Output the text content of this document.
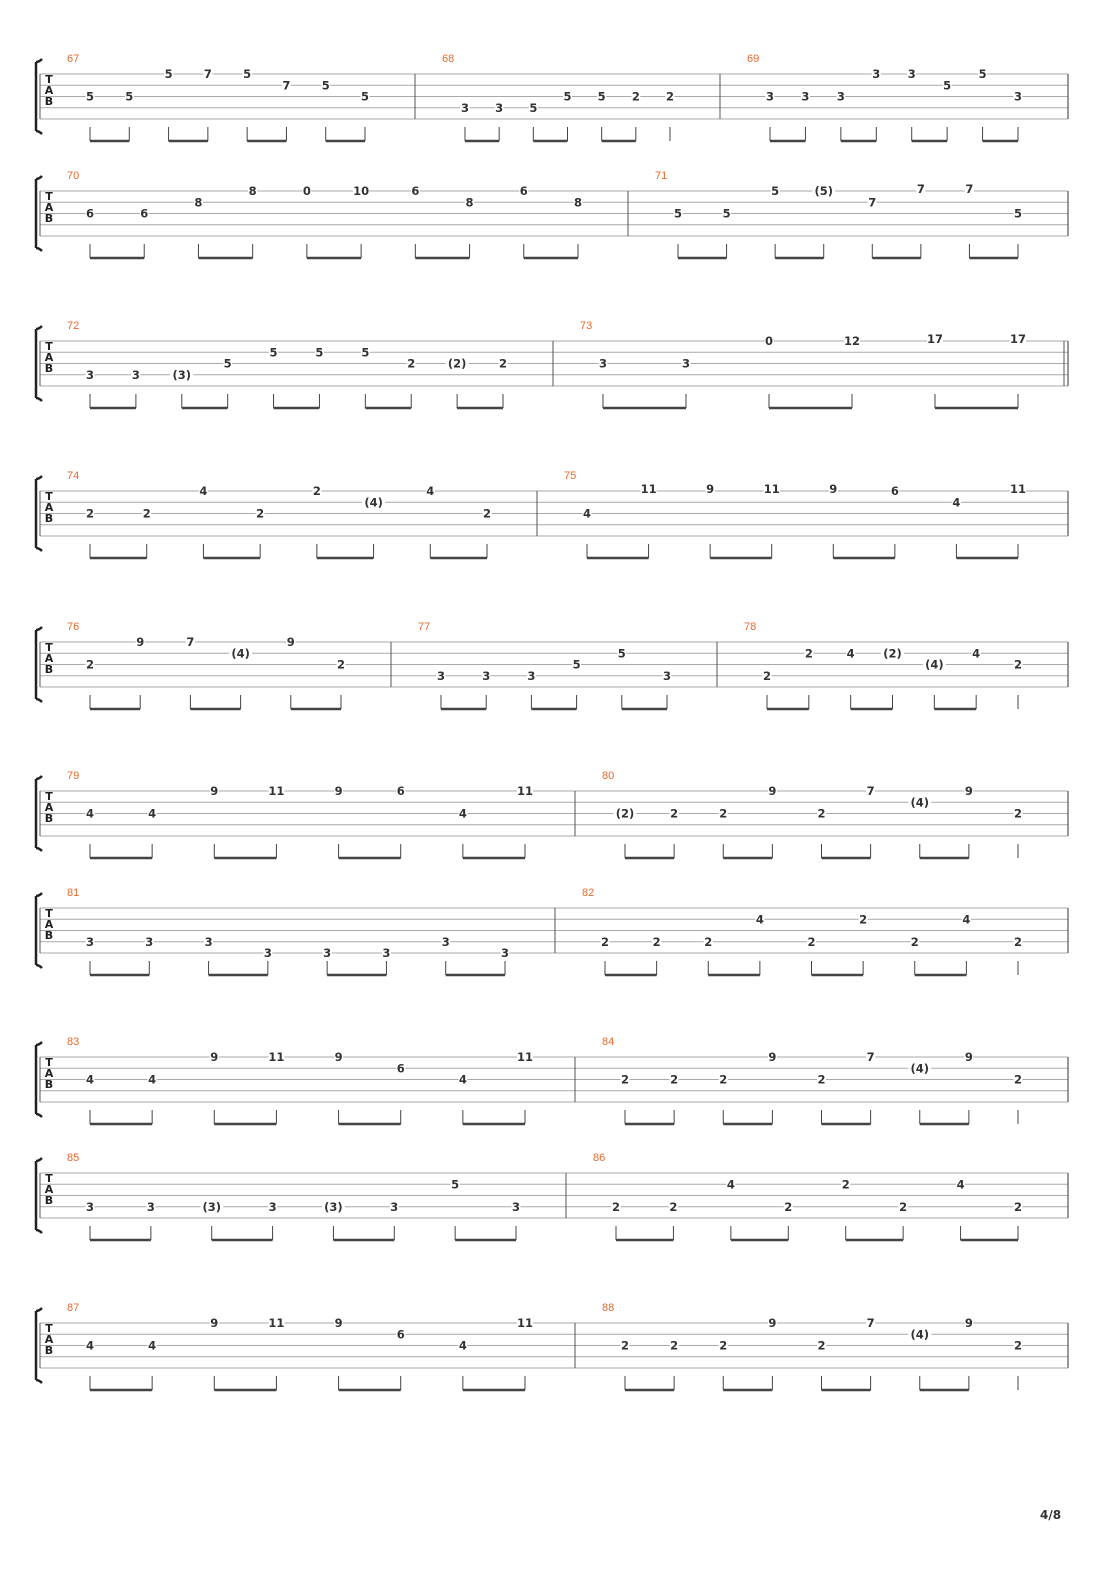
T
A
B
67
5	5
5	7	5
7	5
5
68
3 3 5
5 5 2 2
69
3 3 3
3 3
5
5
3
T
A
B
70
6	6
8
8	0	10	6
8
6
8
71
5	5
5	(5)
7
7	7
5
T
A
B
72
3	3	(3)
5
5	5	5
2	(2)	2
73
3	3
0	12	17	17
T
A
B
74
2	2
4
2
2
(4)
4
2
75
4
11	9	11	9	6
4
11
T
A
B
76
2
9	7
(4)
9
2
77
3	3	3
5
5
3
78
2
2	4 (2)
(4)
4
2
T
A
B
79
4	4
9	11	9	6
4
11
80
(2)	2	2
9
2
7
(4)
9
2
T
A
B
81
3	3	3
3	3	3
3
3
82
2	2	2
4
2
2
2
4
2
T
A
B
83
4	4
9	11	9
6
4
11
84
2	2	2
9
2
7
(4)
9
2
T
A
B
85
3	3	(3)	3	(3)	3
5
3
86
2	2
4
2
2
2
4
2
T
A
B
87
4	4
9	11	9
6
4
11
88
2	2	2
9
2
7
(4)
9
2
4/8
